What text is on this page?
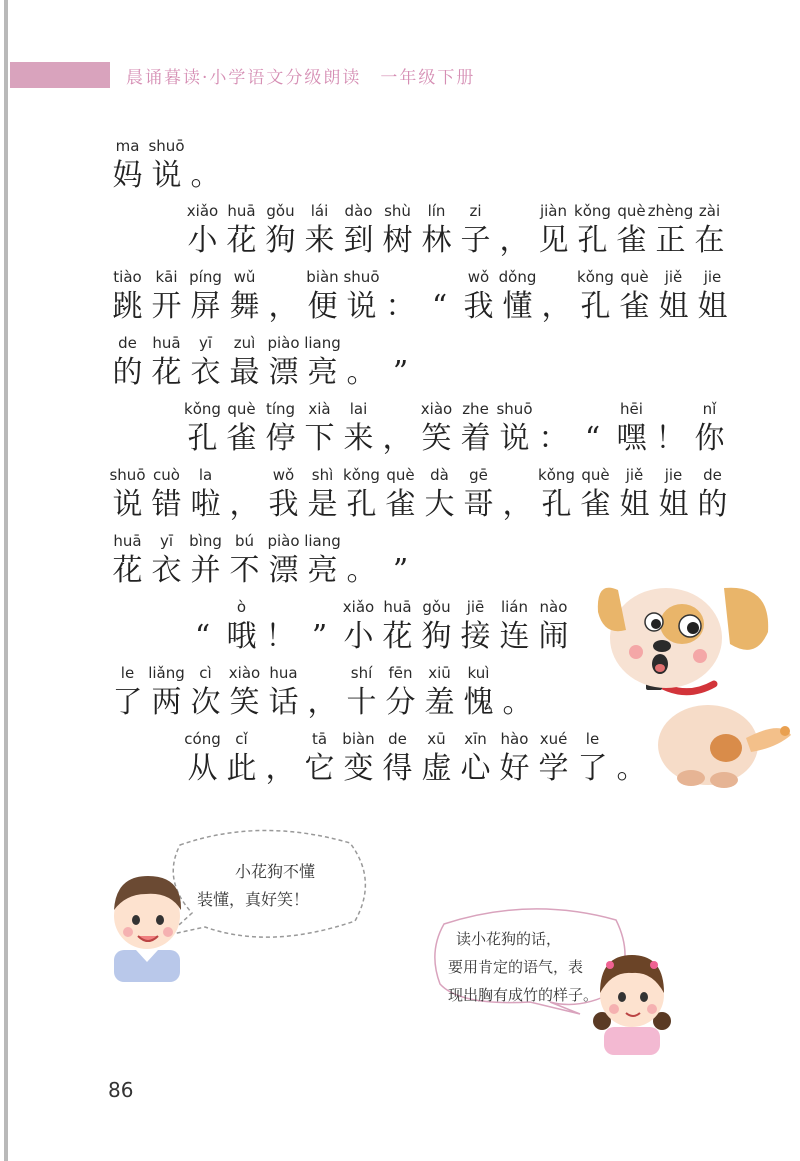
晨诵暮读·小学语文分级朗读　一年级下册
ma
妈
shuō
说 。
xiǎo
小
huā
花
gǒu
狗
lái
来
dào
到
shù
树
lín
林
zi
子 ，
jiàn
见
kǒng
孔
què
雀
zhèng
正
zài
在
tiào
跳
kāi
开
píng
屏
wǔ
舞 ，
biàn
便
shuō
说 ： “
wǒ
我
dǒng
懂 ，
kǒng
孔
què
雀
jiě
姐
jie
姐
de
的
huā
花
yī
衣
zuì
最
piào
漂
liang
亮 。 ”
kǒng
孔
què
雀
tíng
停
xià
下
lai
来 ，
xiào
笑
zhe
着
shuō
说 ： “
hēi
嘿 ！
nǐ
你
shuō
说
cuò
错
la
啦 ，
wǒ
我
shì
是
kǒng
孔
què
雀
dà
大
gē
哥 ，
kǒng
孔
què
雀
jiě
姐
jie
姐
de
的
huā
花
yī
衣
bìng
并
bú
不
piào
漂
liang
亮 。 ”
“
ò
哦 ！ ”
xiǎo
小
huā
花
gǒu
狗
jiē
接
lián
连
nào
闹
le
了
liǎng
两
cì
次
xiào
笑
hua
话 ，
shí
十
fēn
分
xiū
羞
kuì
愧 。
cóng
从
cǐ
此 ，
tā
它
biàn
变
de
得
xū
虚
xīn
心
hào
好
xué
学
le
了 。
小花狗不懂
装懂，真好笑！
读小花狗的话，
要用肯定的语气，表
现出胸有成竹的样子。
86
